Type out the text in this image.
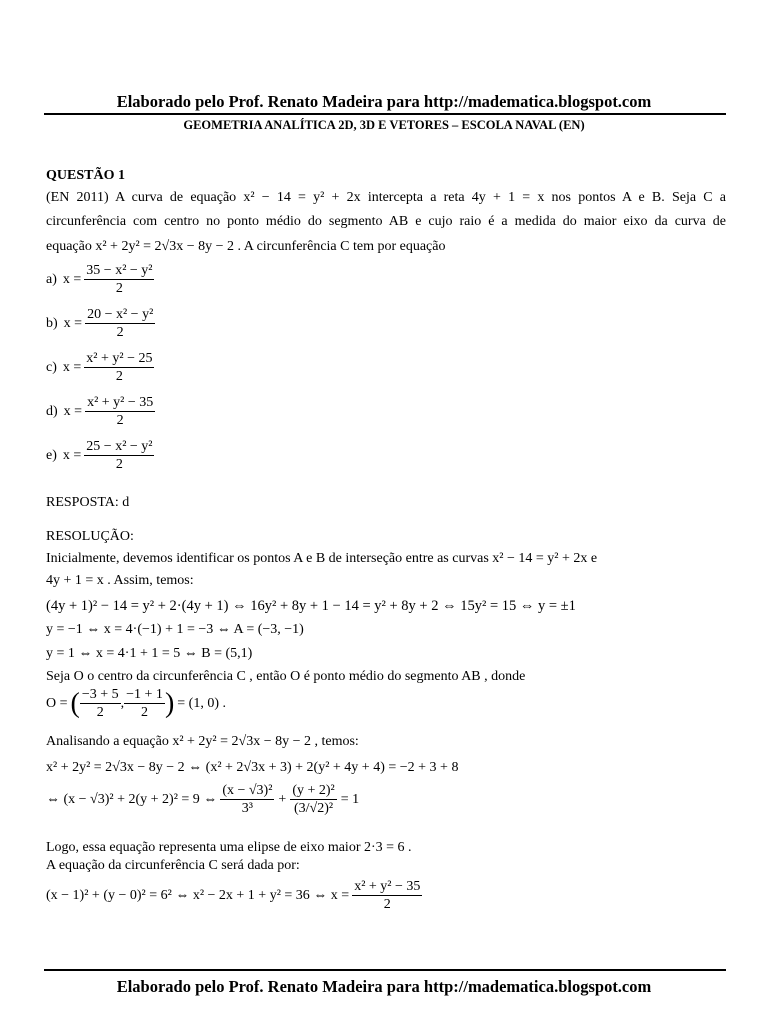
Elaborado pelo Prof. Renato Madeira para http://madematica.blogspot.com
GEOMETRIA ANALÍTICA 2D, 3D E VETORES – ESCOLA NAVAL (EN)
QUESTÃO 1
(EN 2011) A curva de equação x² − 14 = y² + 2x intercepta a reta 4y + 1 = x nos pontos A e B. Seja C a
circunferência com centro no ponto médio do segmento AB e cujo raio é a medida do maior eixo da curva de
equação x² + 2y² = 2√3x − 8y − 2 . A circunferência C tem por equação
a) $x = \frac{\text{35 − x² − y²}}{2}$
b) $x = \frac{\text{20 − x² − y²}}{2}$
c) $x = \frac{\text{x² + y² − 25}}{2}$
d) $x = \frac{\text{x² + y² − 35}}{2}$
e) $x = \frac{\text{25 − x² − y²}}{2}$
RESPOSTA: d
RESOLUÇÃO:
Inicialmente, devemos identificar os pontos A e B de interseção entre as curvas x² − 14 = y² + 2x e
4y + 1 = x . Assim, temos:
(4y + 1)² − 14 = y² + 2·(4y + 1) ⇔ 16y² + 8y + 1 − 14 = y² + 8y + 2 ⇔ 15y² = 15 ⇔ y = ±1
y = −1 ⇔ x = 4·(−1) + 1 = −3 ⇔ A = (−3, −1)
y = 1 ⇔ x = 4·1 + 1 = 5 ⇔ B = (5,1)
Seja O o centro da circunferência C , então O é ponto médio do segmento AB , donde
O = ( $\frac{-3 + 5}{2}$ , $\frac{-1 + 1}{2}$ ) = (1, 0) .
Analisando a equação x² + 2y² = 2√3x − 8y − 2 , temos:
x² + 2y² = 2√3x − 8y − 2 ⇔ (x² + 2√3x + 3) + 2(y² + 4y + 4) = −2 + 3 + 8
⇔ (x − √3)² + 2(y + 2)² = 9 ⇔ $\frac{\text{(x − √3)²}}{\text{3³}} + \frac{\text{(y + 2)²}}{\text{(3/√2)²}} = 1$
Logo, essa equação representa uma elipse de eixo maior 2·3 = 6 .
A equação da circunferência C será dada por:
(x − 1)² + (y − 0)² = 6² ⇔ x² − 2x + 1 + y² = 36 ⇔ $x = \frac{\text{x² + y² − 35}}{2}$
Elaborado pelo Prof. Renato Madeira para http://madematica.blogspot.com
